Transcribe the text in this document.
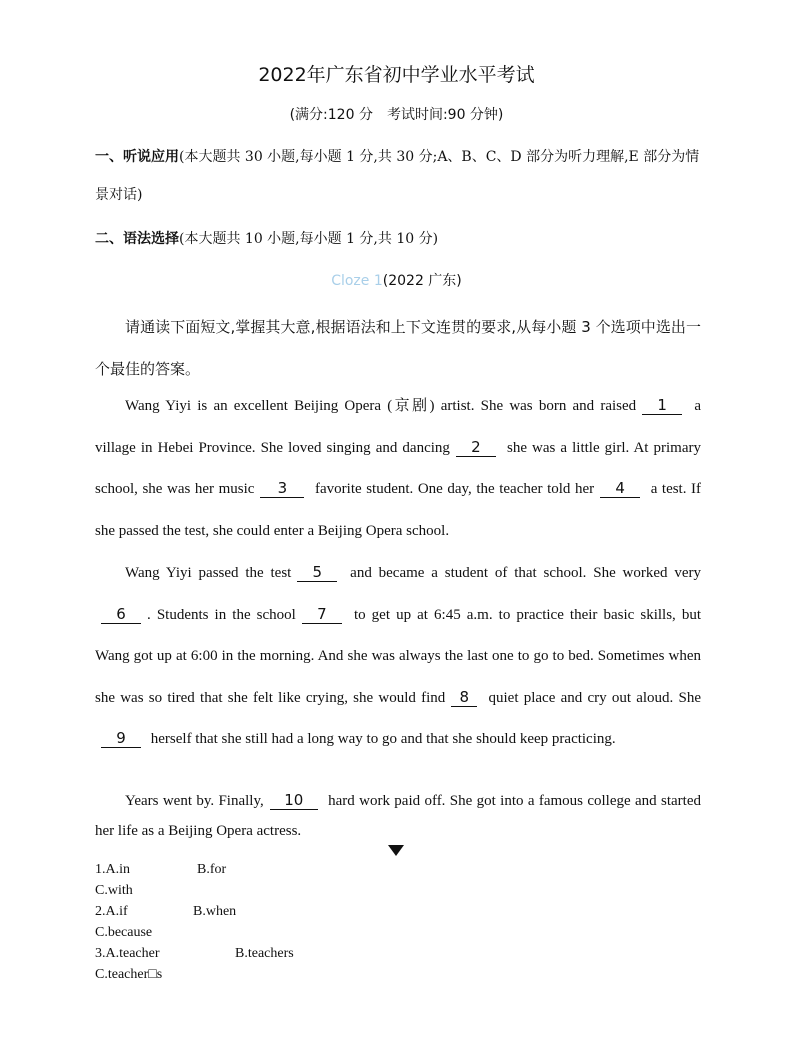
2022年广东省初中学业水平考试
(满分:120 分　考试时间:90 分钟)
一、听说应用(本大题共 30 小题,每小题 1 分,共 30 分;A、B、C、D 部分为听力理解,E 部分为情景对话)
二、语法选择(本大题共 10 小题,每小题 1 分,共 10 分)
Cloze 1(2022 广东)
请通读下面短文,掌握其大意,根据语法和上下文连贯的要求,从每小题 3 个选项中选出一个最佳的答案。
Wang Yiyi is an excellent Beijing Opera (京剧) artist. She was born and raised 1 a village in Hebei Province. She loved singing and dancing 2 she was a little girl. At primary school, she was her music 3 favorite student. One day, the teacher told her 4 a test. If she passed the test, she could enter a Beijing Opera school.
Wang Yiyi passed the test 5 and became a student of that school. She worked very6 . Students in the school 7 to get up at 6:45 a.m. to practice their basic skills, but Wang got up at 6:00 in the morning. And she was always the last one to go to bed. Sometimes when she was so tired that she felt like crying, she would find 8 quiet place and cry out aloud. She9 herself that she still had a long way to go and that she should keep practicing.
Years went by. Finally, 10 hard work paid off. She got into a famous college and started her life as a Beijing Opera actress.
1.A.in	B.for
C.with
2.A.if	B.when
C.because
3.A.teacher	B.teachers
C.teacher□s
